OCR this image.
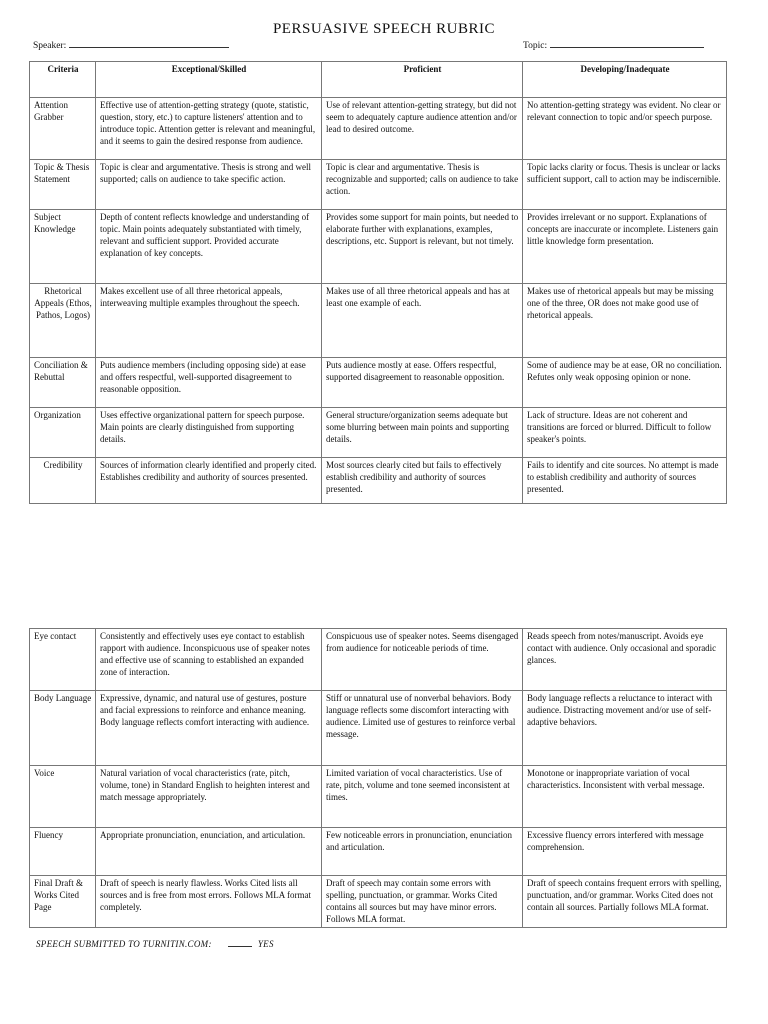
PERSUASIVE SPEECH RUBRIC
Speaker:	Topic:
Criteria	Exceptional/Skilled	Proficient	Developing/Inadequate
Attention Grabber	Effective use of attention-getting strategy (quote, statistic, question, story, etc.) to capture listeners' attention and to introduce topic. Attention getter is relevant and meaningful, and it seems to gain the desired response from audience.	Use of relevant attention-getting strategy, but did not seem to adequately capture audience attention and/or lead to desired outcome.	No attention-getting strategy was evident. No clear or relevant connection to topic and/or speech purpose.
Topic & Thesis Statement	Topic is clear and argumentative. Thesis is strong and well supported; calls on audience to take specific action.	Topic is clear and argumentative. Thesis is recognizable and supported; calls on audience to take action.	Topic lacks clarity or focus. Thesis is unclear or lacks sufficient support, call to action may be indiscernible.
Subject Knowledge	Depth of content reflects knowledge and understanding of topic. Main points adequately substantiated with timely, relevant and sufficient support. Provided accurate explanation of key concepts.	Provides some support for main points, but needed to elaborate further with explanations, examples, descriptions, etc. Support is relevant, but not timely.	Provides irrelevant or no support. Explanations of concepts are inaccurate or incomplete. Listeners gain little knowledge form presentation.
Rhetorical Appeals (Ethos, Pathos, Logos)	Makes excellent use of all three rhetorical appeals, interweaving multiple examples throughout the speech.	Makes use of all three rhetorical appeals and has at least one example of each.	Makes use of rhetorical appeals but may be missing one of the three, OR does not make good use of rhetorical appeals.
Conciliation & Rebuttal	Puts audience members (including opposing side) at ease and offers respectful, well-supported disagreement to reasonable opposition.	Puts audience mostly at ease. Offers respectful, supported disagreement to reasonable opposition.	Some of audience may be at ease, OR no conciliation. Refutes only weak opposing opinion or none.
Organization	Uses effective organizational pattern for speech purpose. Main points are clearly distinguished from supporting details.	General structure/organization seems adequate but some blurring between main points and supporting details.	Lack of structure. Ideas are not coherent and transitions are forced or blurred. Difficult to follow speaker's points.
Credibility	Sources of information clearly identified and properly cited. Establishes credibility and authority of sources presented.	Most sources clearly cited but fails to effectively establish credibility and authority of sources presented.	Fails to identify and cite sources. No attempt is made to establish credibility and authority of sources presented.
Eye contact	Consistently and effectively uses eye contact to establish rapport with audience. Inconspicuous use of speaker notes and effective use of scanning to established an expanded zone of interaction.	Conspicuous use of speaker notes. Seems disengaged from audience for noticeable periods of time.	Reads speech from notes/manuscript. Avoids eye contact with audience. Only occasional and sporadic glances.
Body Language	Expressive, dynamic, and natural use of gestures, posture and facial expressions to reinforce and enhance meaning. Body language reflects comfort interacting with audience.	Stiff or unnatural use of nonverbal behaviors. Body language reflects some discomfort interacting with audience. Limited use of gestures to reinforce verbal message.	Body language reflects a reluctance to interact with audience. Distracting movement and/or use of self-adaptive behaviors.
Voice	Natural variation of vocal characteristics (rate, pitch, volume, tone) in Standard English to heighten interest and match message appropriately.	Limited variation of vocal characteristics. Use of rate, pitch, volume and tone seemed inconsistent at times.	Monotone or inappropriate variation of vocal characteristics. Inconsistent with verbal message.
Fluency	Appropriate pronunciation, enunciation, and articulation.	Few noticeable errors in pronunciation, enunciation and articulation.	Excessive fluency errors interfered with message comprehension.
Final Draft & Works Cited Page	Draft of speech is nearly flawless. Works Cited lists all sources and is free from most errors. Follows MLA format completely.	Draft of speech may contain some errors with spelling, punctuation, or grammar. Works Cited contains all sources but may have minor errors. Follows MLA format.	Draft of speech contains frequent errors with spelling, punctuation, and/or grammar. Works Cited does not contain all sources. Partially follows MLA format.
SPEECH SUBMITTED TO TURNITIN.COM:	YES
